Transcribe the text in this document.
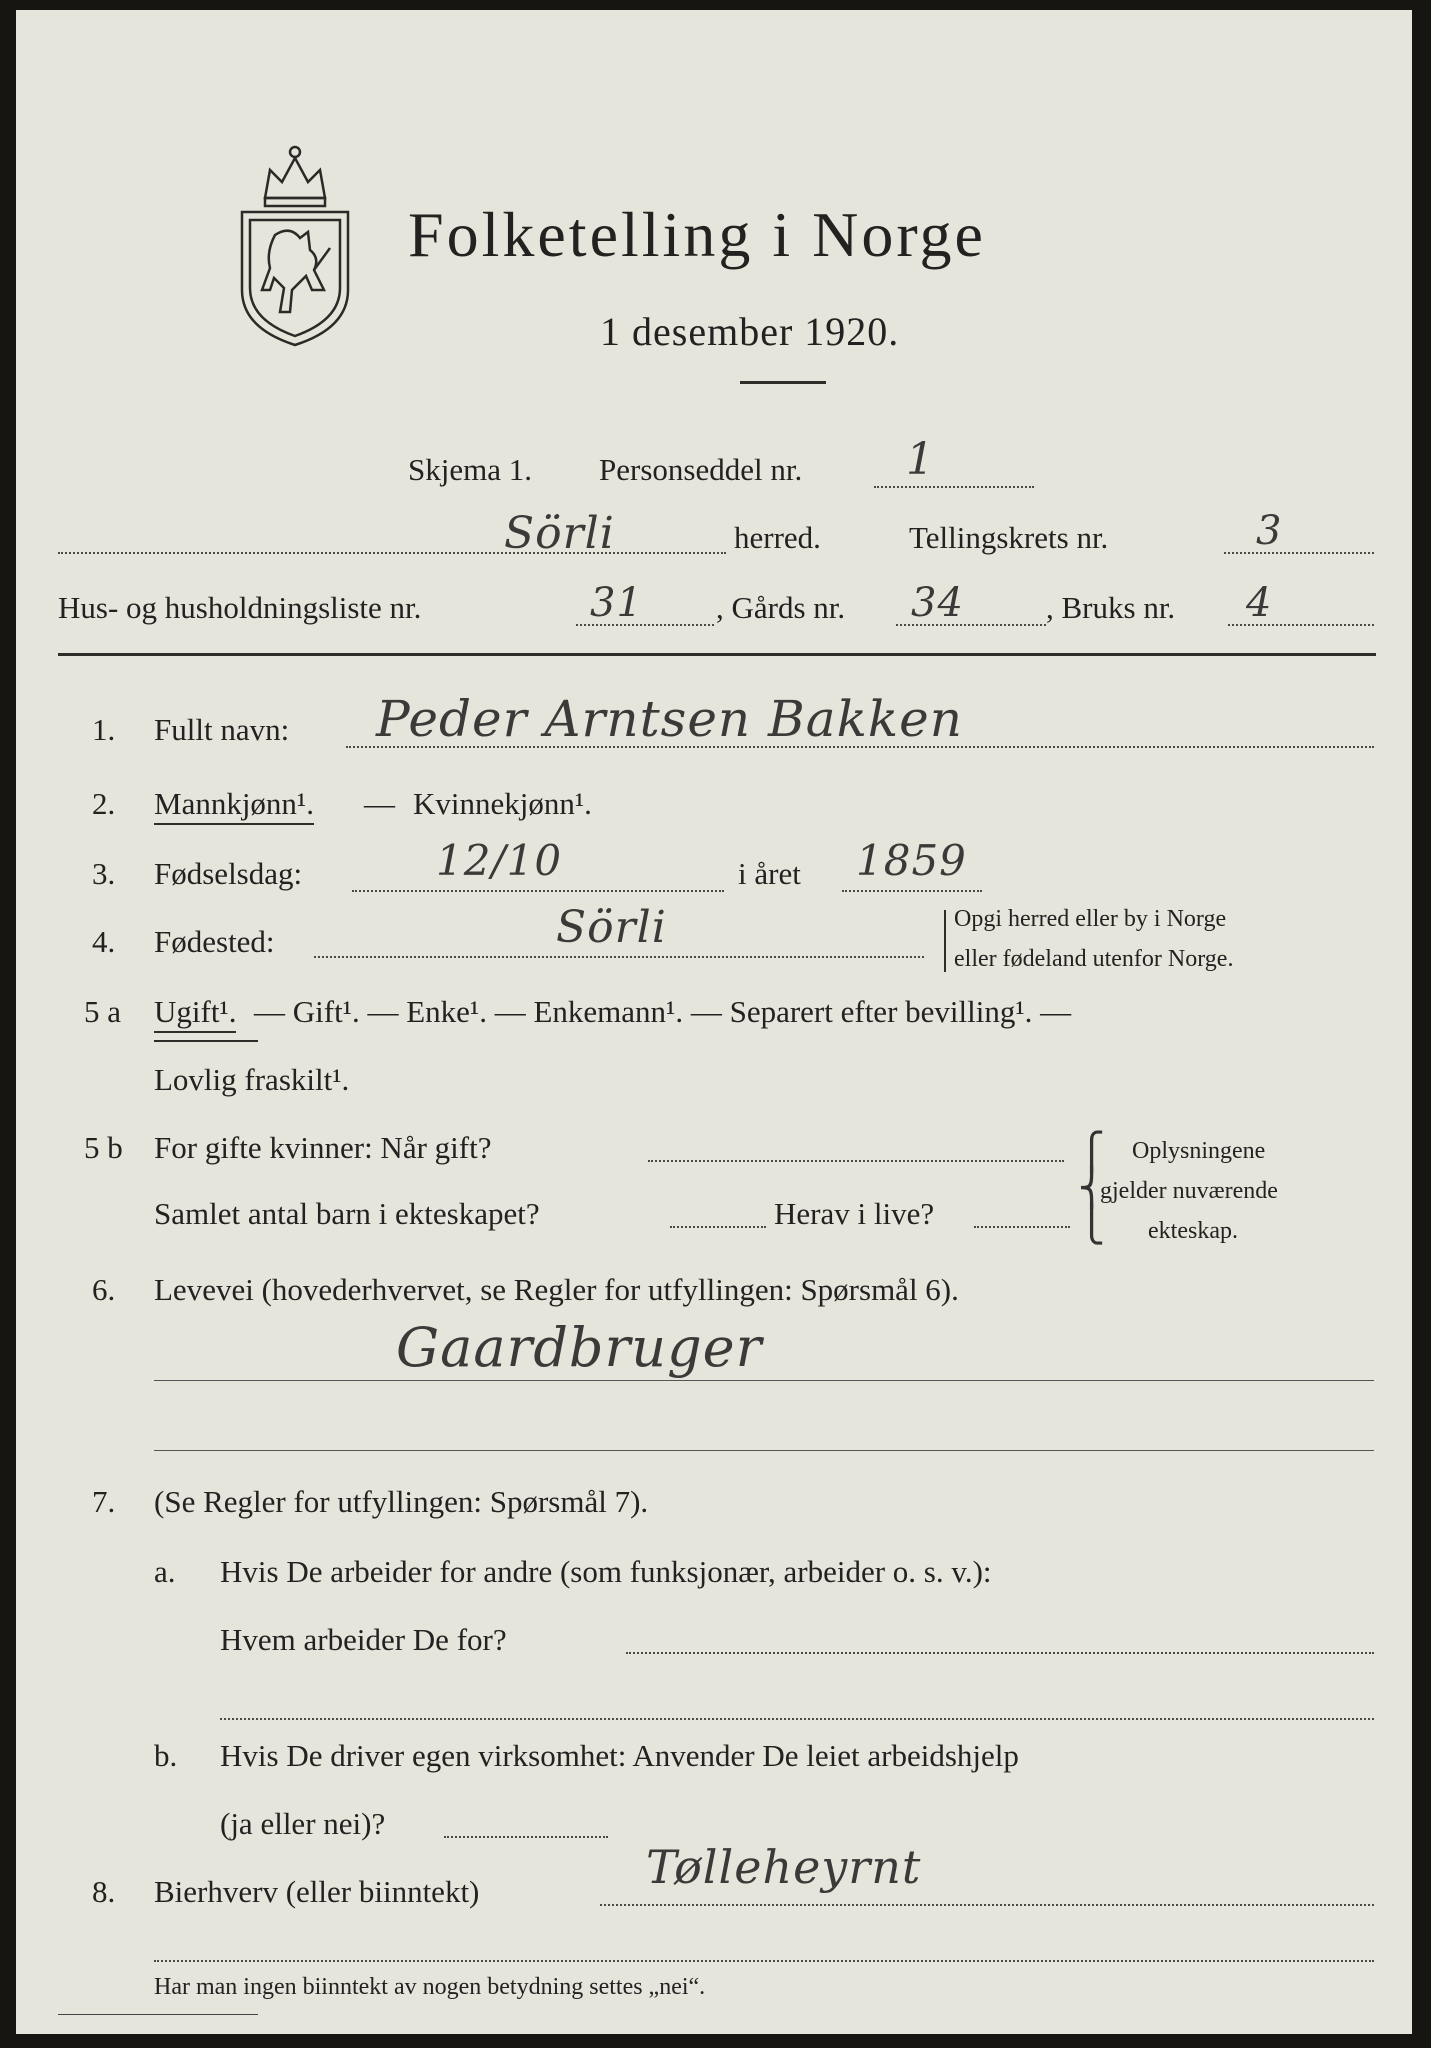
Folketelling i Norge
1 desember 1920.
Skjema 1. Personseddel nr. 1
Sörli	herred.	Tellingskrets nr.	3
Hus- og husholdningsliste nr.	31 , Gårds nr. 34	, Bruks nr. 4
1. Fullt navn: Peder Arntsen Bakken
2. Mannkjønn¹. — Kvinnekjønn¹.
3. Fødselsdag:	12/10	i året 1859
4. Fødested:	Sörli	Opgi herred eller by i Norge
eller fødeland utenfor Norge.
5 a Ugift¹. — Gift¹. — Enke¹. — Enkemann¹. — Separert efter bevilling¹. —
Lovlig fraskilt¹.
5 b For gifte kvinner: Når gift?
Samlet antal barn i ekteskapet?	Herav i live?
⎧
⎨
⎩
Oplysningene
gjelder nuværende
ekteskap.
6. Levevei (hovederhvervet, se Regler for utfyllingen: Spørsmål 6).
Gaardbruger
7. (Se Regler for utfyllingen: Spørsmål 7).
a. Hvis De arbeider for andre (som funksjonær, arbeider o. s. v.):
Hvem arbeider De for?
b. Hvis De driver egen virksomhet: Anvender De leiet arbeidshjelp
(ja eller nei)?
8. Bierhverv (eller biinntekt)	Tølleheyrnt
Har man ingen biinntekt av nogen betydning settes „nei“.
